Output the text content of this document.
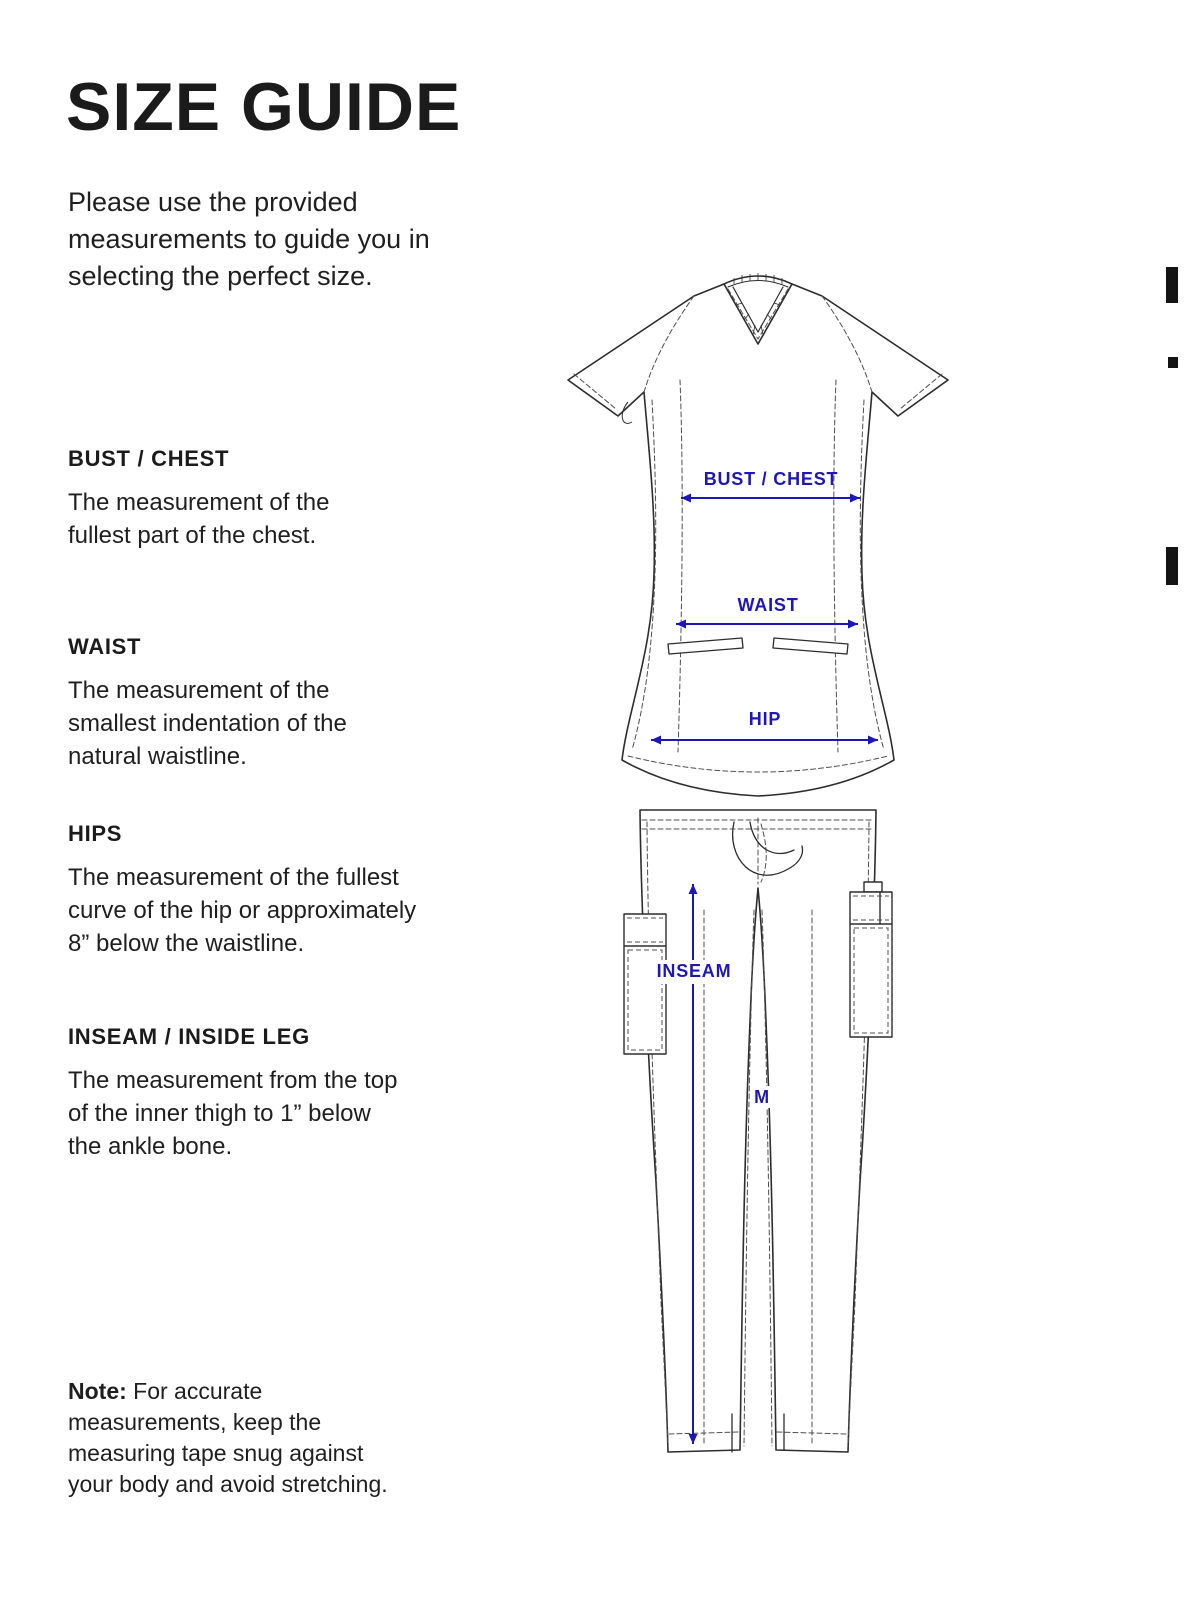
SIZE GUIDE
Please use the provided
measurements to guide you in
selecting the perfect size.
BUST / CHEST
The measurement of the
fullest part of the chest.
WAIST
The measurement of the
smallest indentation of the
natural waistline.
HIPS
The measurement of the fullest
curve of the hip or approximately
8” below the waistline.
INSEAM / INSIDE LEG
The measurement from the top
of the inner thigh to 1” below
the ankle bone.
Note: For accurate
measurements, keep the
measuring tape snug against
your body and avoid stretching.
BUST / CHEST
WAIST
HIP
INSEAM
M
